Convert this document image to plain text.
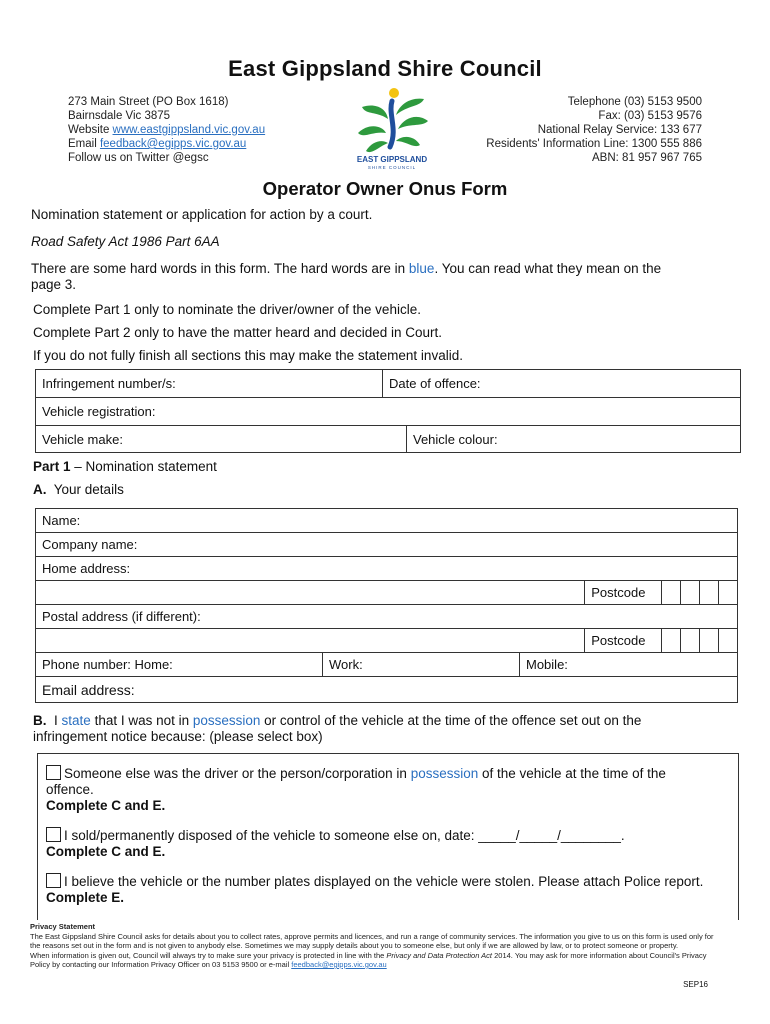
East Gippsland Shire Council
273 Main Street (PO Box 1618)
Bairnsdale Vic 3875
Website www.eastgippsland.vic.gov.au
Email feedback@egipps.vic.gov.au
Follow us on Twitter @egsc	EAST GIPPSLAND
SHIRE COUNCIL
Telephone (03) 5153 9500
Fax: (03) 5153 9576
National Relay Service: 133 677
Residents' Information Line: 1300 555 886
ABN: 81 957 967 765
Operator Owner Onus Form
Nomination statement or application for action by a court.
Road Safety Act 1986 Part 6AA
There are some hard words in this form. The hard words are in blue. You can read what they mean on the page 3.
Complete Part 1 only to nominate the driver/owner of the vehicle.
Complete Part 2 only to have the matter heard and decided in Court.
If you do not fully finish all sections this may make the statement invalid.
Infringement number/s:	Date of offence:
Vehicle registration:
Vehicle make:	Vehicle colour:
Part 1 – Nomination statement
A. Your details
Name:
Company name:
Home address:
	Postcode				
Postal address (if different):
	Postcode				
Phone number: Home:	Work:	Mobile:
Email address:
B. I state that I was not in possession or control of the vehicle at the time of the offence set out on the infringement notice because: (please select box)
Someone else was the driver or the person/corporation in possession of the vehicle at the time of the offence.
Complete C and E.
I sold/permanently disposed of the vehicle to someone else on, date: _____/_____/________.
Complete C and E.
I believe the vehicle or the number plates displayed on the vehicle were stolen. Please attach Police report.
Complete E.
Privacy Statement
The East Gippsland Shire Council asks for details about you to collect rates, approve permits and licences, and run a range of community services. The information you give to us on this form is used only for the reasons set out in the form and is not given to anybody else. Sometimes we may supply details about you to someone else, but only if we are allowed by law, or to protect someone or property.
When information is given out, Council will always try to make sure your privacy is protected in line with the Privacy and Data Protection Act 2014. You may ask for more information about Council's Privacy Policy by contacting our Information Privacy Officer on 03 5153 9500 or e-mail feedback@egipps.vic.gov.au
SEP16
